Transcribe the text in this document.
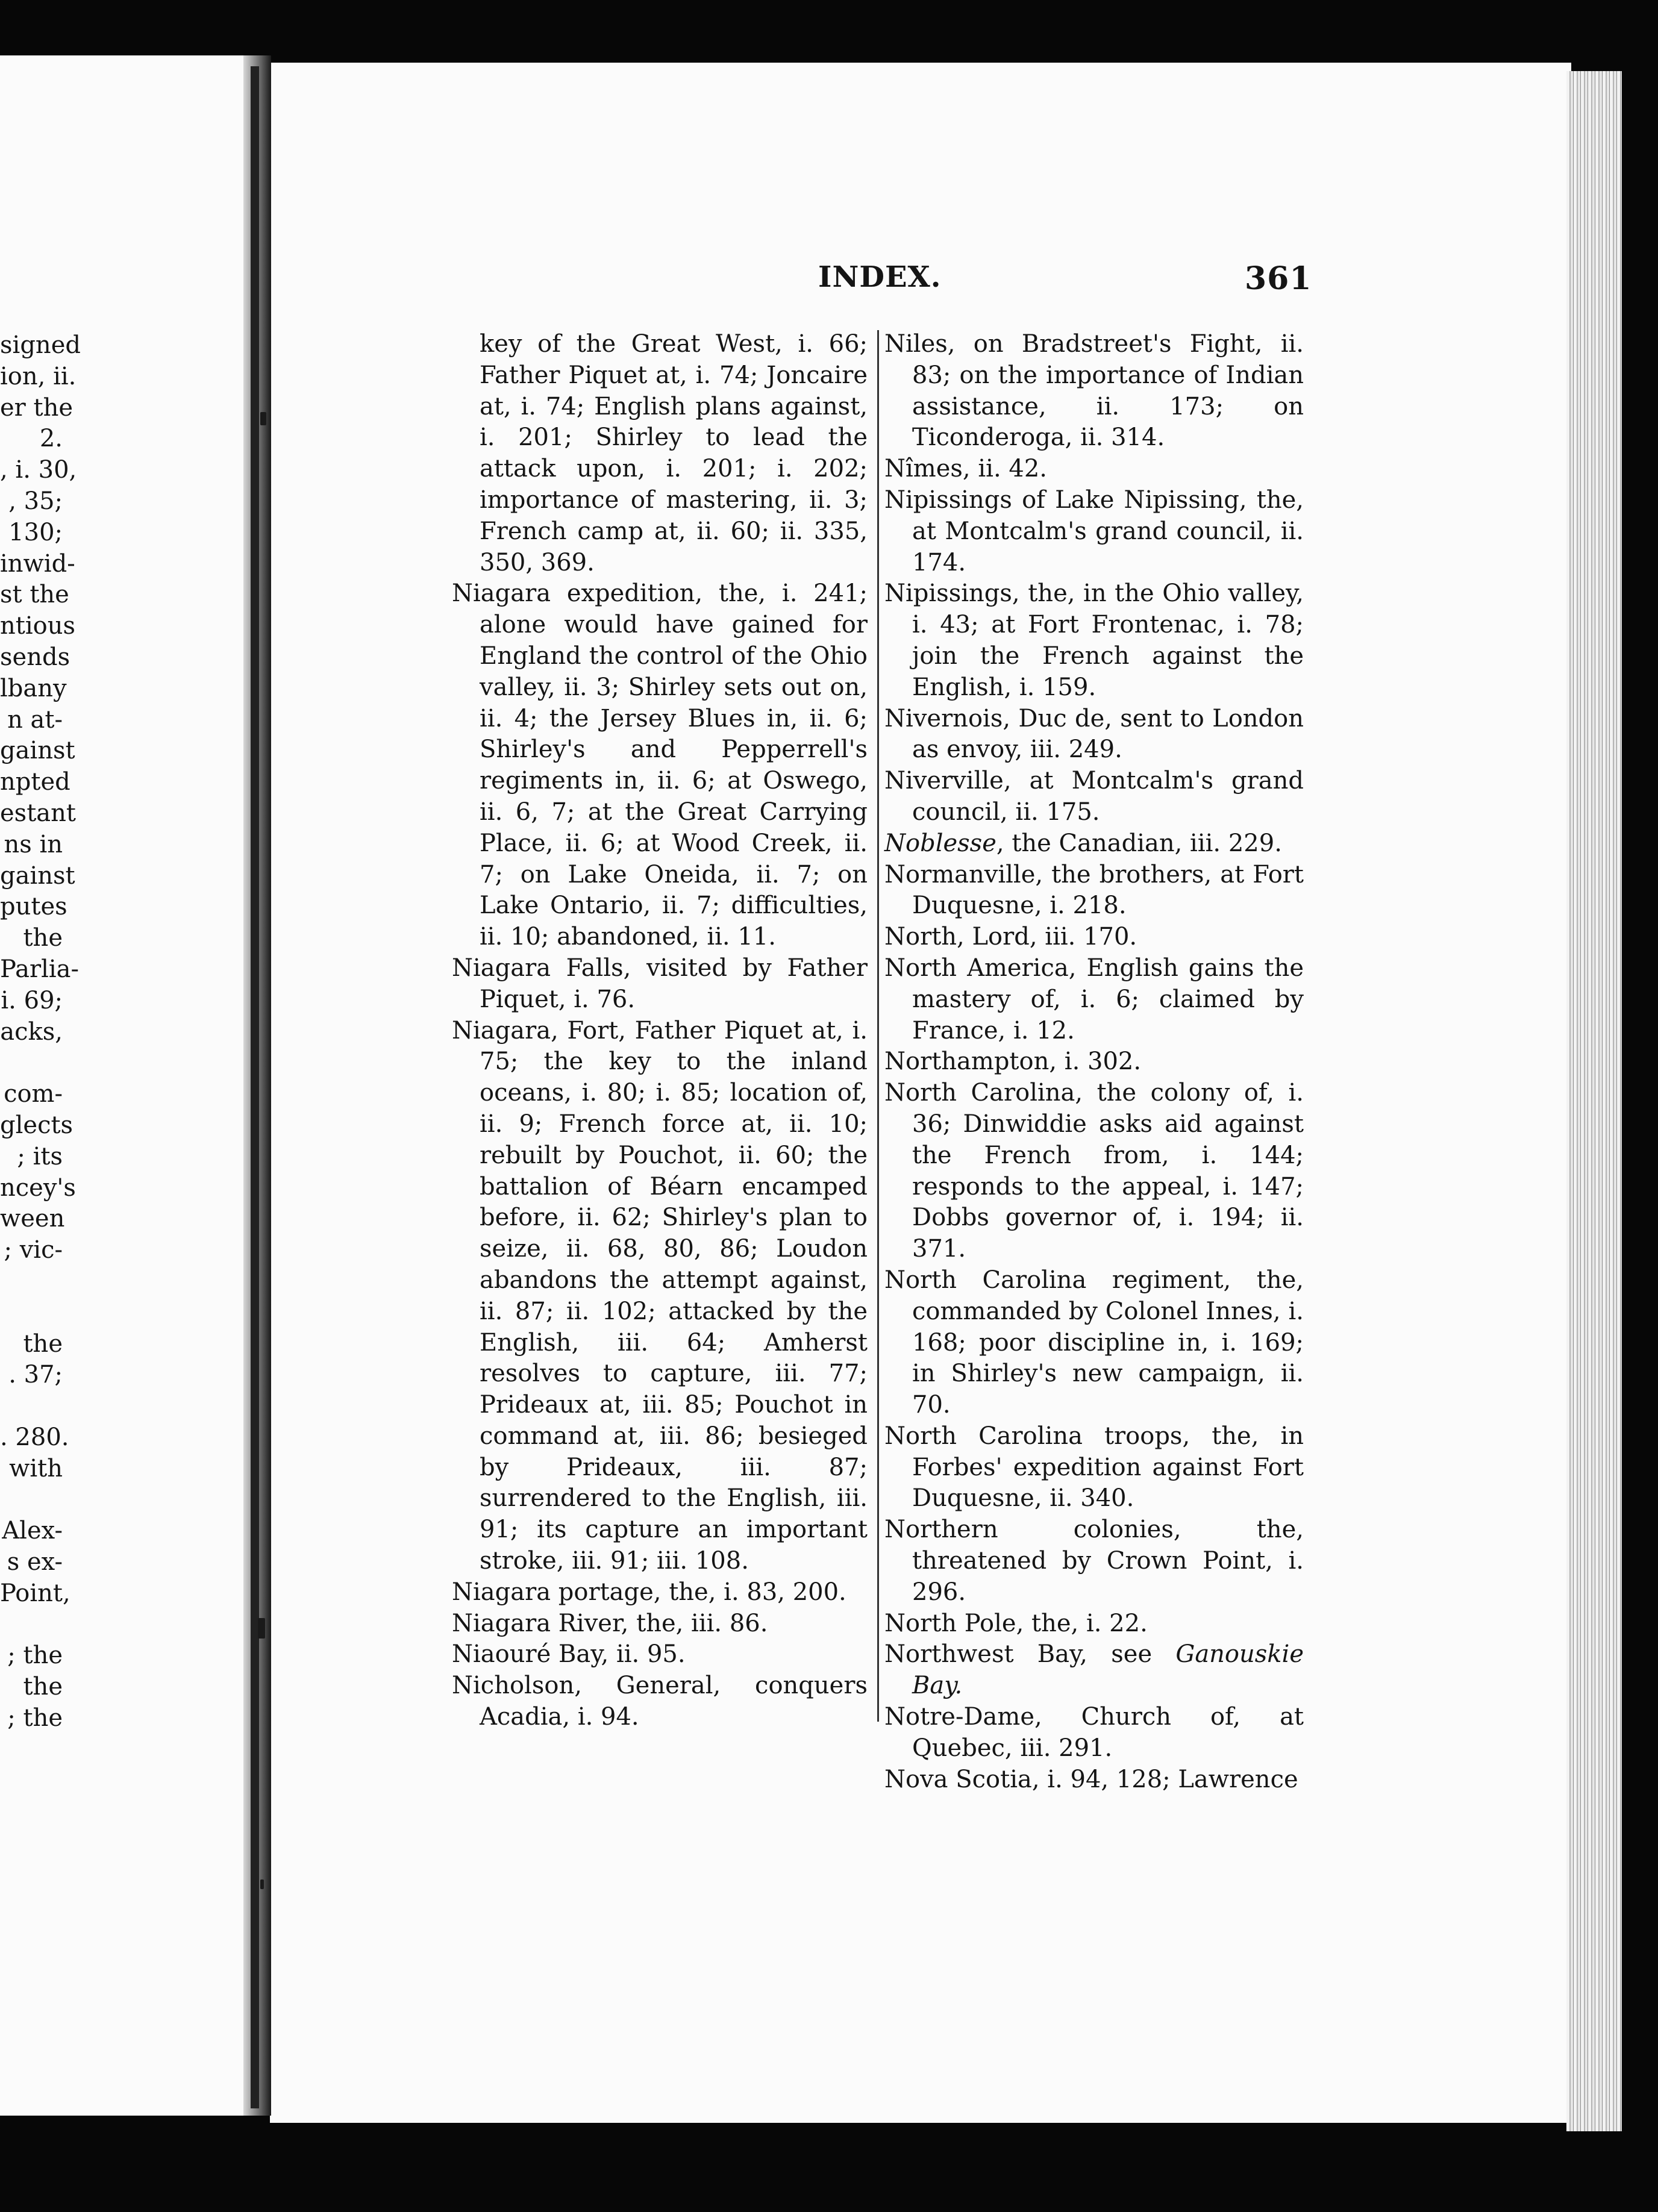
signed
ion, ii.
er the
2.
, i. 30,
, 35;
130;
inwid-
st the
ntious
sends
lbany
n at-
gainst
npted
estant
ns in
gainst
putes
the
Parlia-
i. 69;
acks,
com-
glects
; its
ncey's
ween
; vic-
the
. 37;
. 280.
with
Alex-
s ex-
Point,
; the
the
; the
INDEX.	361

key of the Great West, i. 66; Father Piquet at, i. 74; Joncaire at, i. 74; English plans against, i. 201; Shirley to lead the attack upon, i. 201; i. 202; importance of mastering, ii. 3; French camp at, ii. 60; ii. 335, 350, 369.

Niagara expedition, the, i. 241; alone would have gained for England the control of the Ohio valley, ii. 3; Shirley sets out on, ii. 4; the Jersey Blues in, ii. 6; Shirley's and Pepperrell's regiments in, ii. 6; at Oswego, ii. 6, 7; at the Great Carrying Place, ii. 6; at Wood Creek, ii. 7; on Lake Oneida, ii. 7; on Lake Ontario, ii. 7; difficulties, ii. 10; abandoned, ii. 11.

Niagara Falls, visited by Father Piquet, i. 76.

Niagara, Fort, Father Piquet at, i. 75; the key to the inland oceans, i. 80; i. 85; location of, ii. 9; French force at, ii. 10; rebuilt by Pouchot, ii. 60; the battalion of Béarn encamped before, ii. 62; Shirley's plan to seize, ii. 68, 80, 86; Loudon abandons the attempt against, ii. 87; ii. 102; attacked by the English, iii. 64; Amherst resolves to capture, iii. 77; Prideaux at, iii. 85; Pouchot in command at, iii. 86; besieged by Prideaux, iii. 87; surrendered to the English, iii. 91; its capture an important stroke, iii. 91; iii. 108.

Niagara portage, the, i. 83, 200.

Niagara River, the, iii. 86.

Niaouré Bay, ii. 95.

Nicholson, General, conquers Acadia, i. 94.

Niles, on Bradstreet's Fight, ii. 83; on the importance of Indian assistance, ii. 173; on Ticonderoga, ii. 314.

Nîmes, ii. 42.

Nipissings of Lake Nipissing, the, at Montcalm's grand council, ii. 174.

Nipissings, the, in the Ohio valley, i. 43; at Fort Frontenac, i. 78; join the French against the English, i. 159.

Nivernois, Duc de, sent to London as envoy, iii. 249.

Niverville, at Montcalm's grand council, ii. 175.

Noblesse, the Canadian, iii. 229.

Normanville, the brothers, at Fort Duquesne, i. 218.

North, Lord, iii. 170.

North America, English gains the mastery of, i. 6; claimed by France, i. 12.

Northampton, i. 302.

North Carolina, the colony of, i. 36; Dinwiddie asks aid against the French from, i. 144; responds to the appeal, i. 147; Dobbs governor of, i. 194; ii. 371.

North Carolina regiment, the, commanded by Colonel Innes, i. 168; poor discipline in, i. 169; in Shirley's new campaign, ii. 70.

North Carolina troops, the, in Forbes' expedition against Fort Duquesne, ii. 340.

Northern colonies, the, threatened by Crown Point, i. 296.

North Pole, the, i. 22.

Northwest Bay, see Ganouskie Bay.

Notre-Dame, Church of, at Quebec, iii. 291.

Nova Scotia, i. 94, 128; Lawrence
